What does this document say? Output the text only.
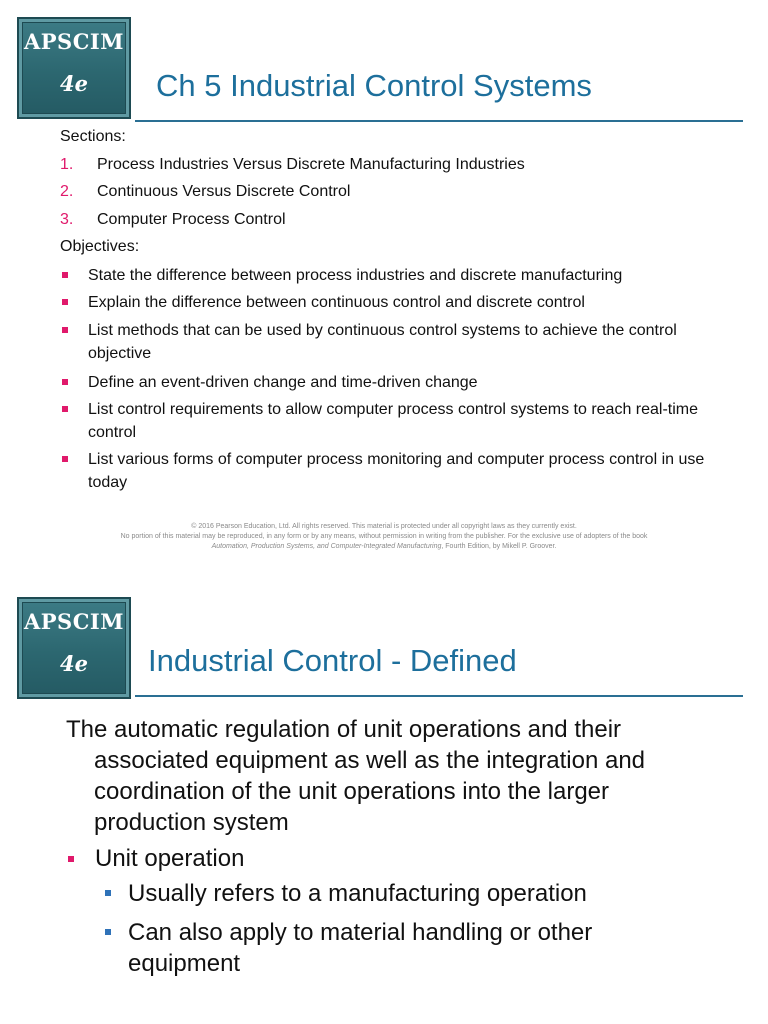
APSCIM
4e	Ch 5 Industrial Control Systems
Sections:
1. Process Industries Versus Discrete Manufacturing Industries
2. Continuous Versus Discrete Control
3. Computer Process Control
Objectives:
State the difference between process industries and discrete manufacturing
Explain the difference between continuous control and discrete control
List methods that can be used by continuous control systems to achieve the control objective
Define an event-driven change and time-driven change
List control requirements to allow computer process control systems to reach real-time control
List various forms of computer process monitoring and computer process control in use today
© 2016 Pearson Education, Ltd. All rights reserved. This material is protected under all copyright laws as they currently exist.
No portion of this material may be reproduced, in any form or by any means, without permission in writing from the publisher. For the exclusive use of adopters of the book
Automation, Production Systems, and Computer-Integrated Manufacturing, Fourth Edition, by Mikell P. Groover.
APSCIM
4e	Industrial Control - Defined
The automatic regulation of unit operations and their
associated equipment as well as the integration and coordination of the unit operations into the larger production system
Unit operation
Usually refers to a manufacturing operation
Can also apply to material handling or other equipment
